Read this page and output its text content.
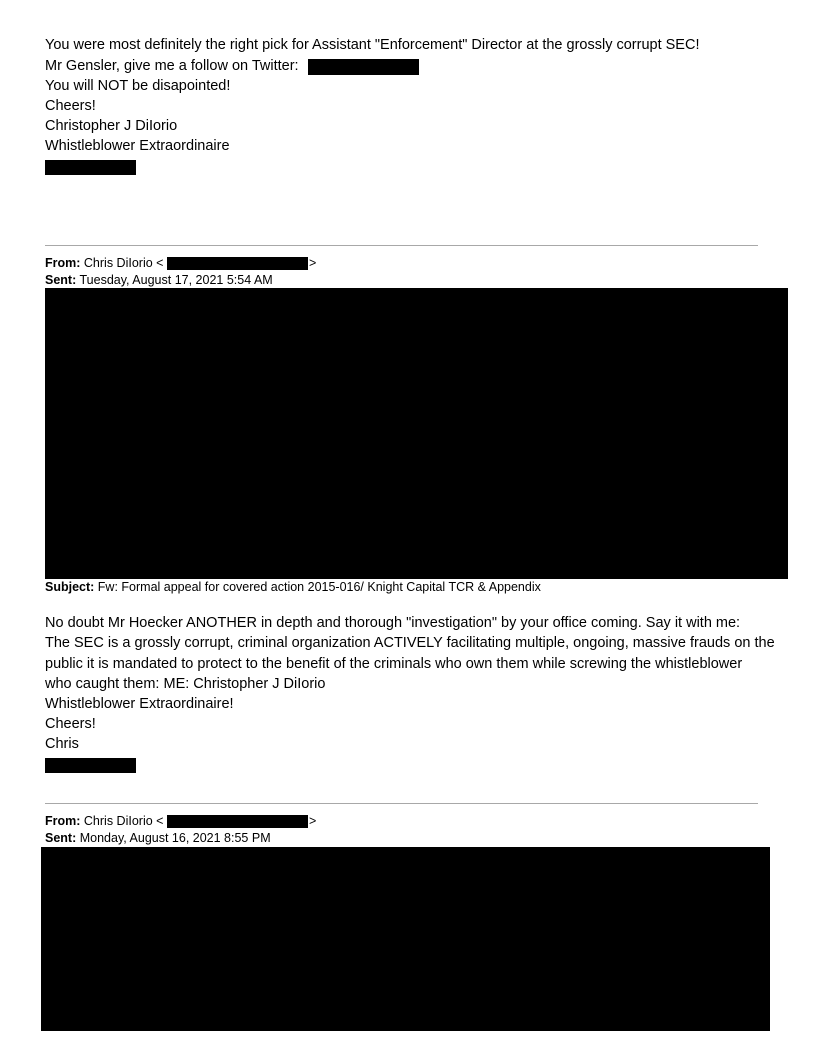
You were most definitely the right pick for Assistant "Enforcement" Director at the grossly corrupt SEC!
Mr Gensler, give me a follow on Twitter:
You will NOT be disapointed!
Cheers!
Christopher J DiIorio
Whistleblower Extraordinaire
From: Chris DiIorio <	>
Sent: Tuesday, August 17, 2021 5:54 AM
Subject: Fw: Formal appeal for covered action 2015-016/ Knight Capital TCR & Appendix
No doubt Mr Hoecker ANOTHER in depth and thorough "investigation" by your office coming. Say it with me:
The SEC is a grossly corrupt, criminal organization ACTIVELY facilitating multiple, ongoing, massive frauds on the
public it is mandated to protect to the benefit of the criminals who own them while screwing the whistleblower
who caught them: ME: Christopher J DiIorio
Whistleblower Extraordinaire!
Cheers!
Chris
From: Chris DiIorio <	>
Sent: Monday, August 16, 2021 8:55 PM
